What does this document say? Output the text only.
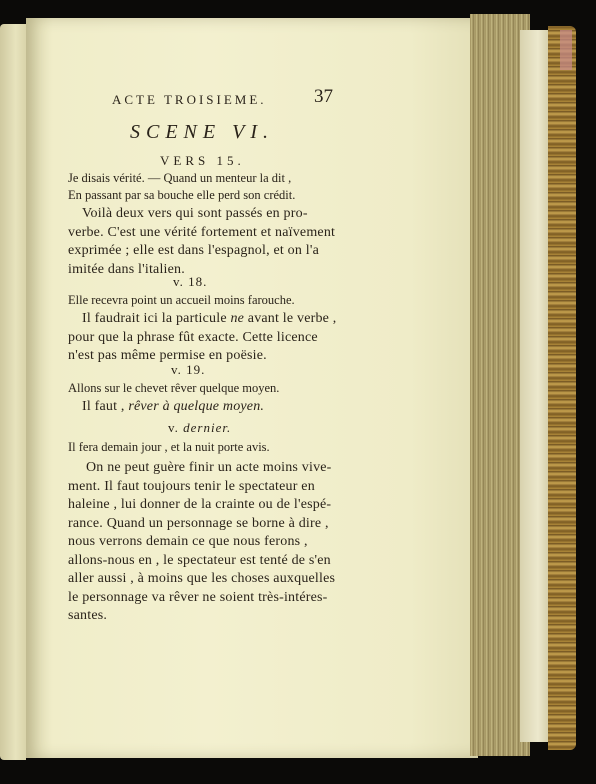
ACTE TROISIEME. 37
SCENE VI.
VERS 15.
Je disais vérité. — Quand un menteur la dit ,
En passant par sa bouche elle perd son crédit.
Voilà deux vers qui sont passés en pro-
verbe. C'est une vérité fortement et naïvement
exprimée ; elle est dans l'espagnol, et on l'a
imitée dans l'italien.
v. 18.
Elle recevra point un accueil moins farouche.
Il faudrait ici la particule ne avant le verbe ,
pour que la phrase fût exacte. Cette licence
n'est pas même permise en poësie.
v. 19.
Allons sur le chevet rêver quelque moyen.
Il faut , rêver à quelque moyen.
v. dernier.
Il fera demain jour , et la nuit porte avis.
On ne peut guère finir un acte moins vive-
ment. Il faut toujours tenir le spectateur en
haleine , lui donner de la crainte ou de l'espé-
rance. Quand un personnage se borne à dire ,
nous verrons demain ce que nous ferons ,
allons-nous en , le spectateur est tenté de s'en
aller aussi , à moins que les choses auxquelles
le personnage va rêver ne soient très-intéres-
santes.
